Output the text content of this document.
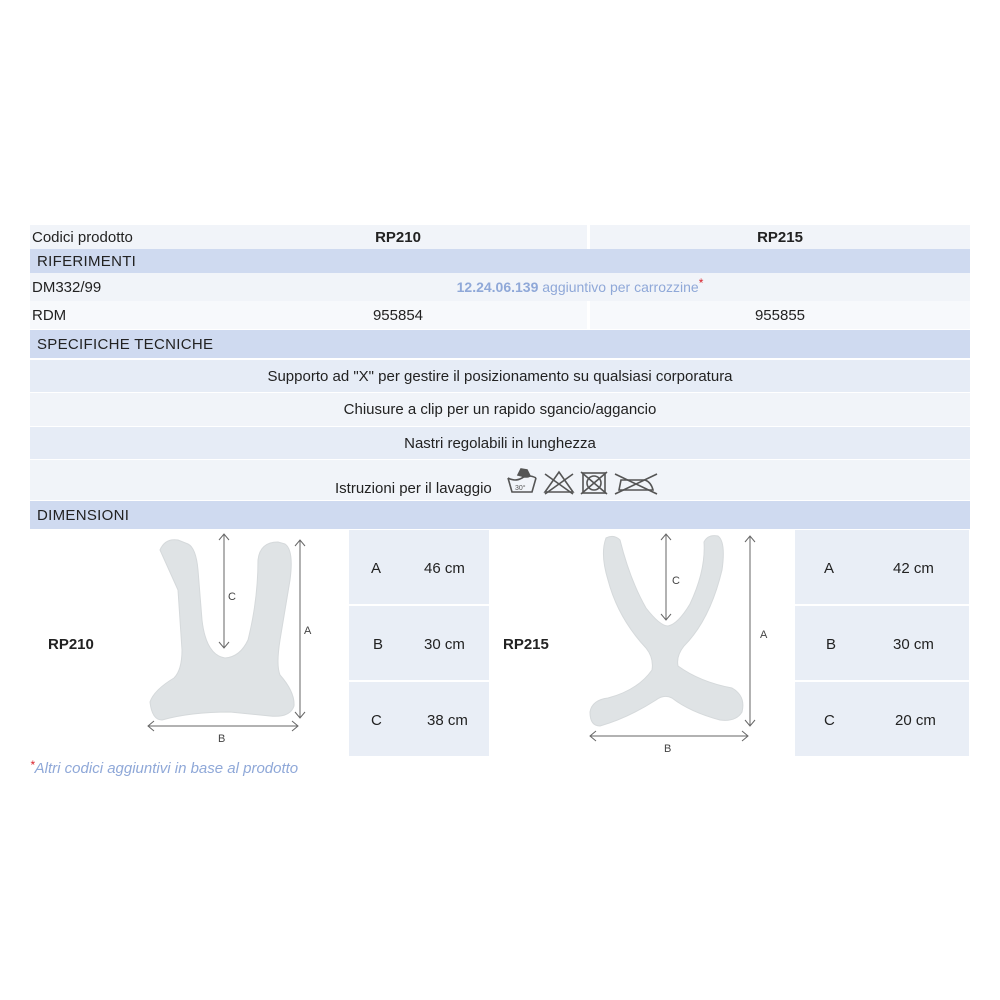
Codici prodotto	RP210	RP215
RIFERIMENTI
DM332/99	12.24.06.139 aggiuntivo per carrozzine *
RDM	955854	955855
SPECIFICHE TECNICHE
Supporto ad "X" per gestire il posizionamento su qualsiasi corporatura
Chiusure a clip per un rapido sgancio/aggancio
Nastri regolabili in lunghezza
Istruzioni per il lavaggio	30°
DIMENSIONI
RP210
C
A
B
A	46 cm
B	30 cm
C	38 cm
RP215
C
A
B
A	42 cm
B	30 cm
C	20 cm
*Altri codici aggiuntivi in base al prodotto
